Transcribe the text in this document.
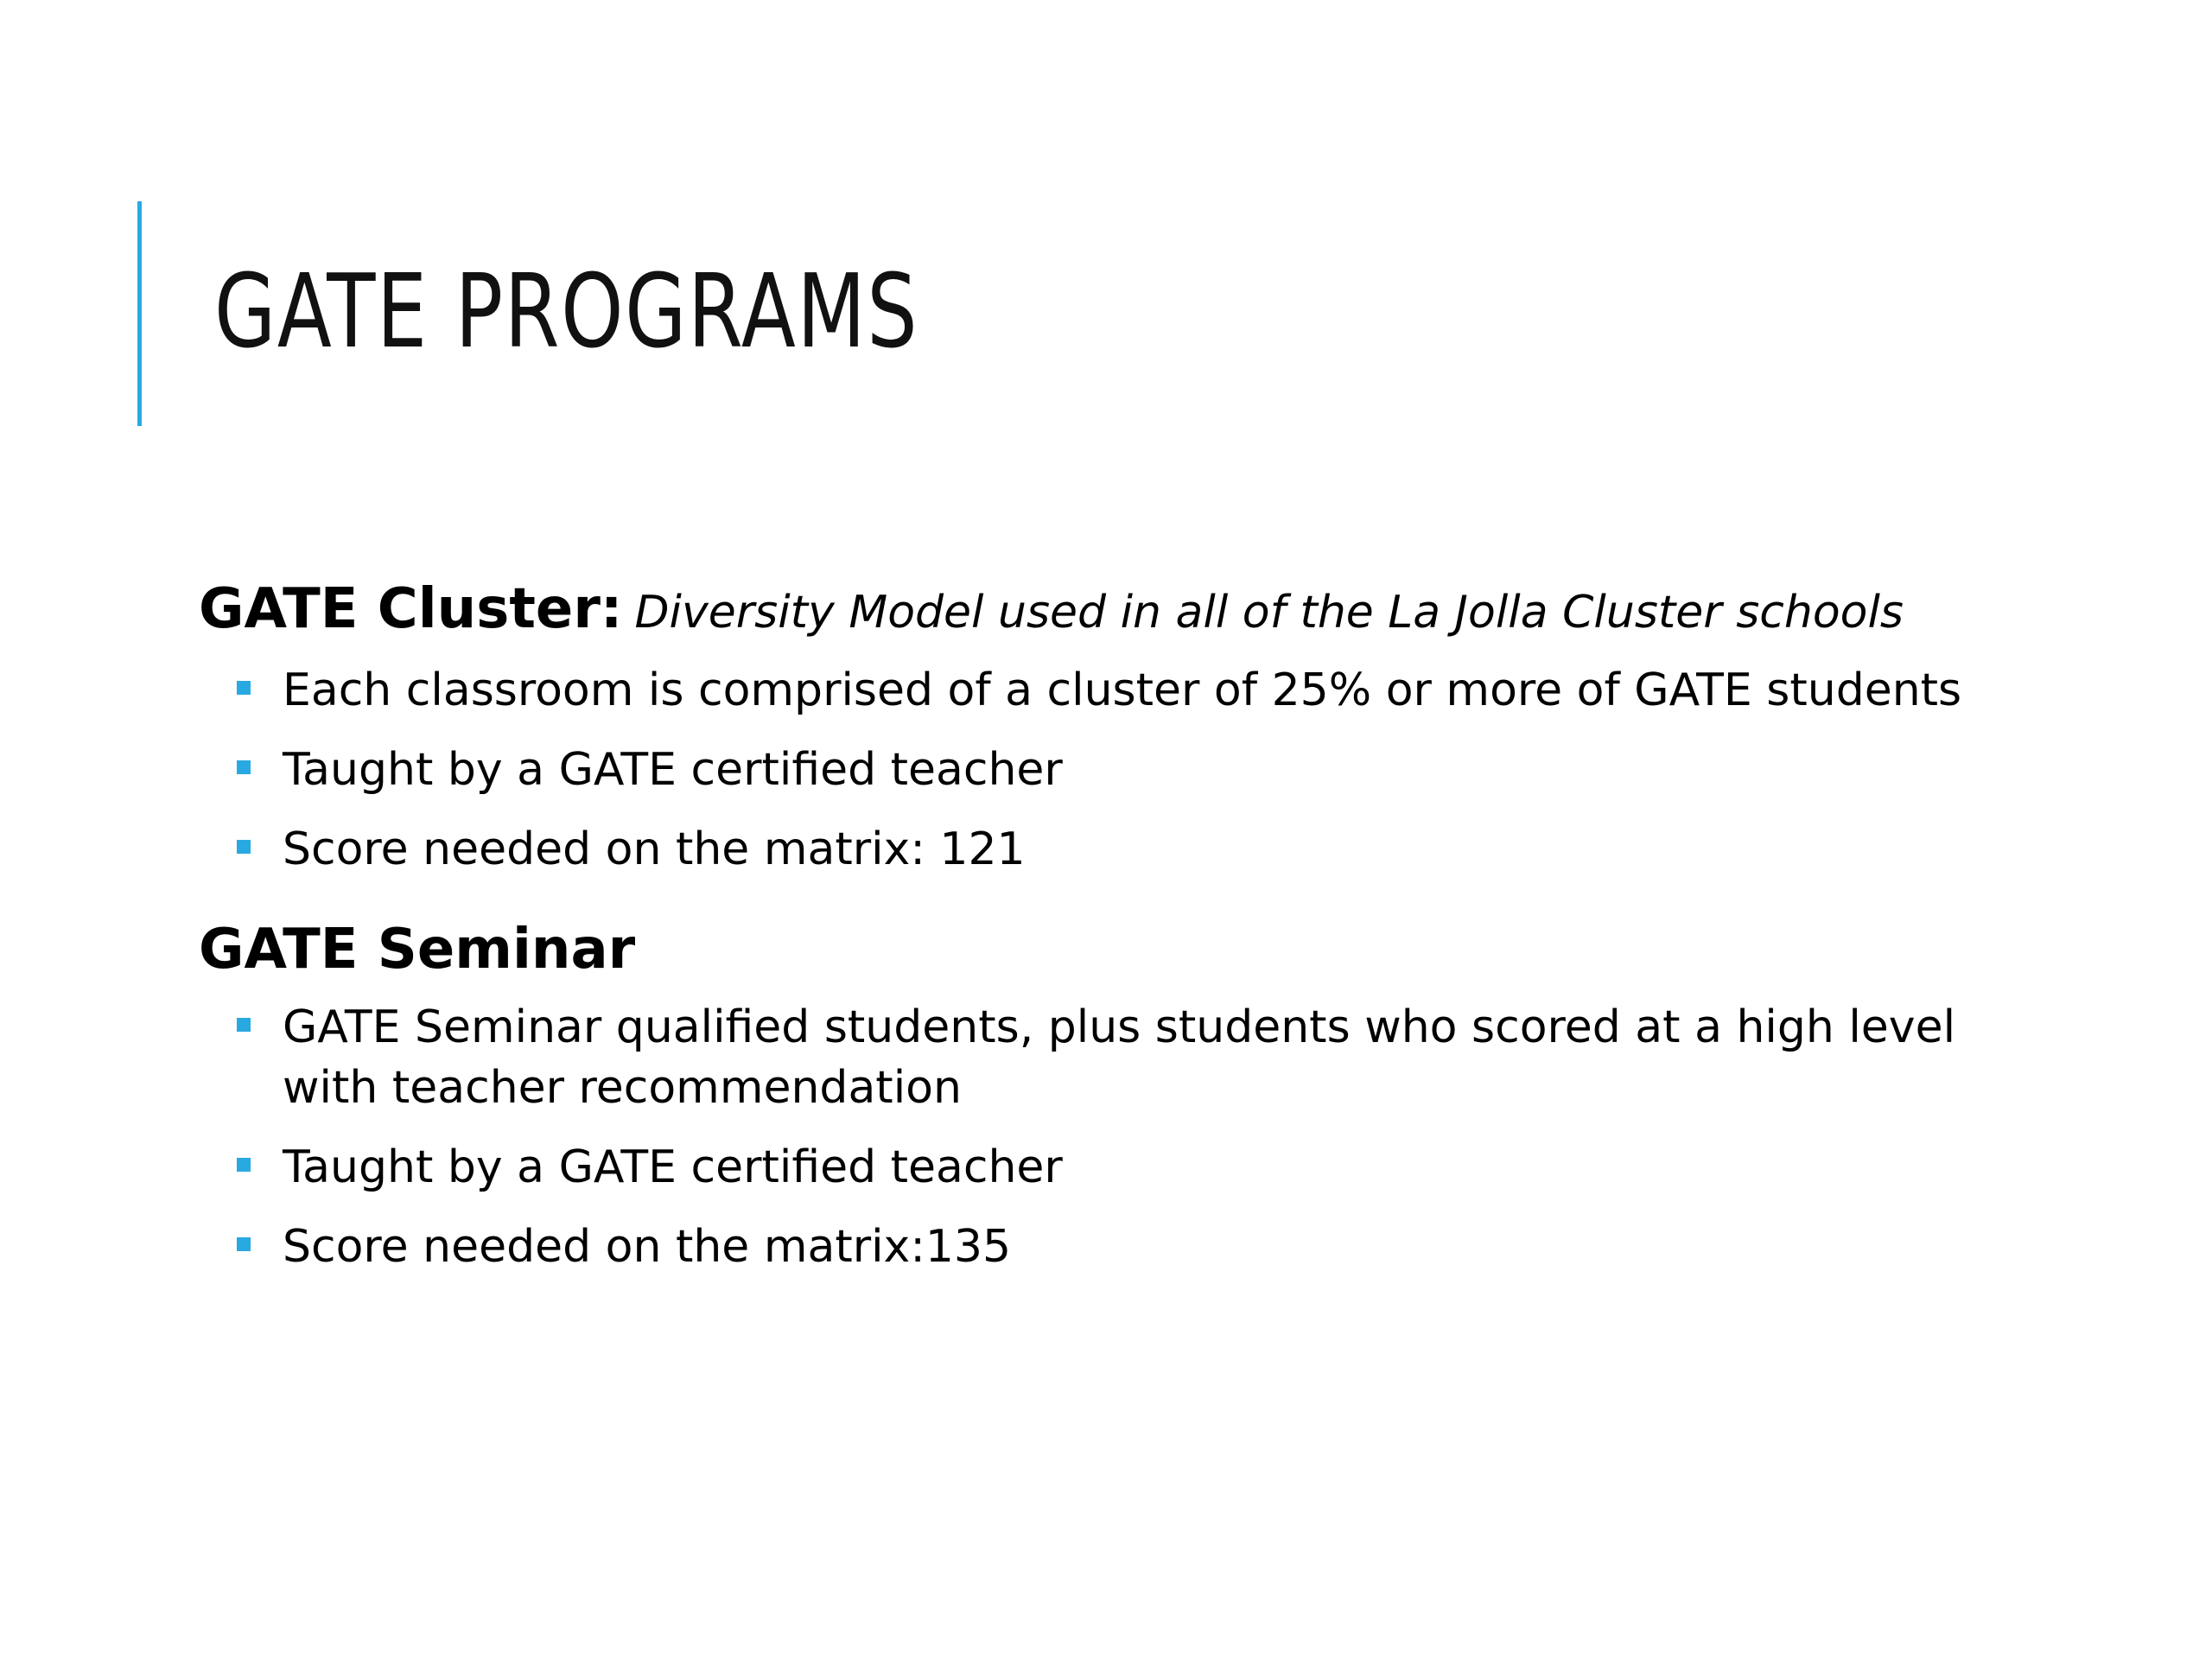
GATE PROGRAMS
GATE Cluster: Diversity Model used in all of the La Jolla Cluster schools
Each classroom is comprised of a cluster of 25% or more of GATE students
Taught by a GATE certified teacher
Score needed on the matrix: 121
GATE Seminar
GATE Seminar qualified students, plus students who scored at a high level with teacher recommendation
Taught by a GATE certified teacher
Score needed on the matrix:135
